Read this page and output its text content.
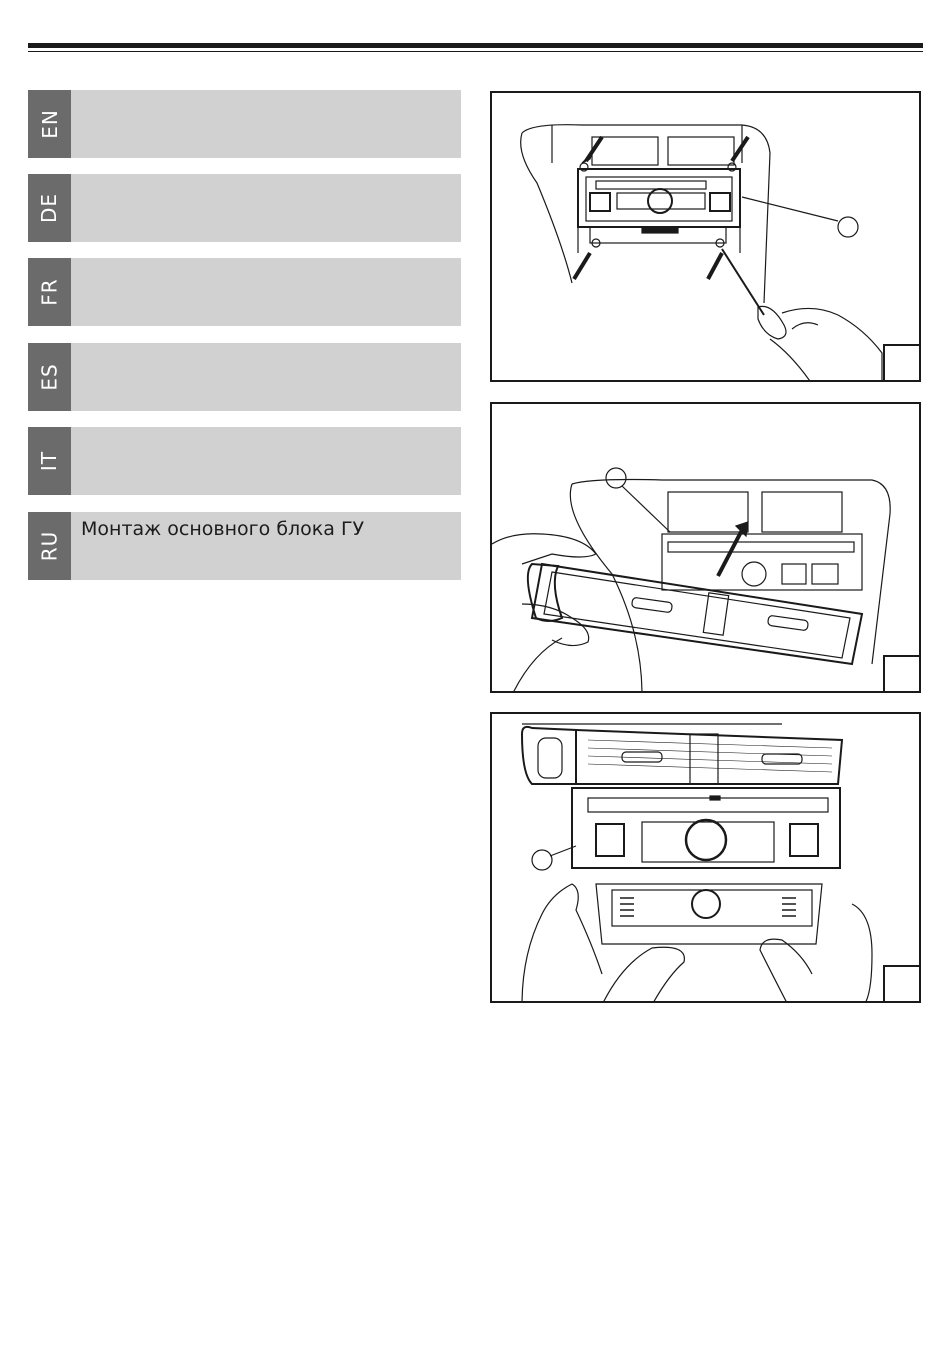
EN
DE
FR
ES
IT
RU
Монтаж основного блока ГУ
